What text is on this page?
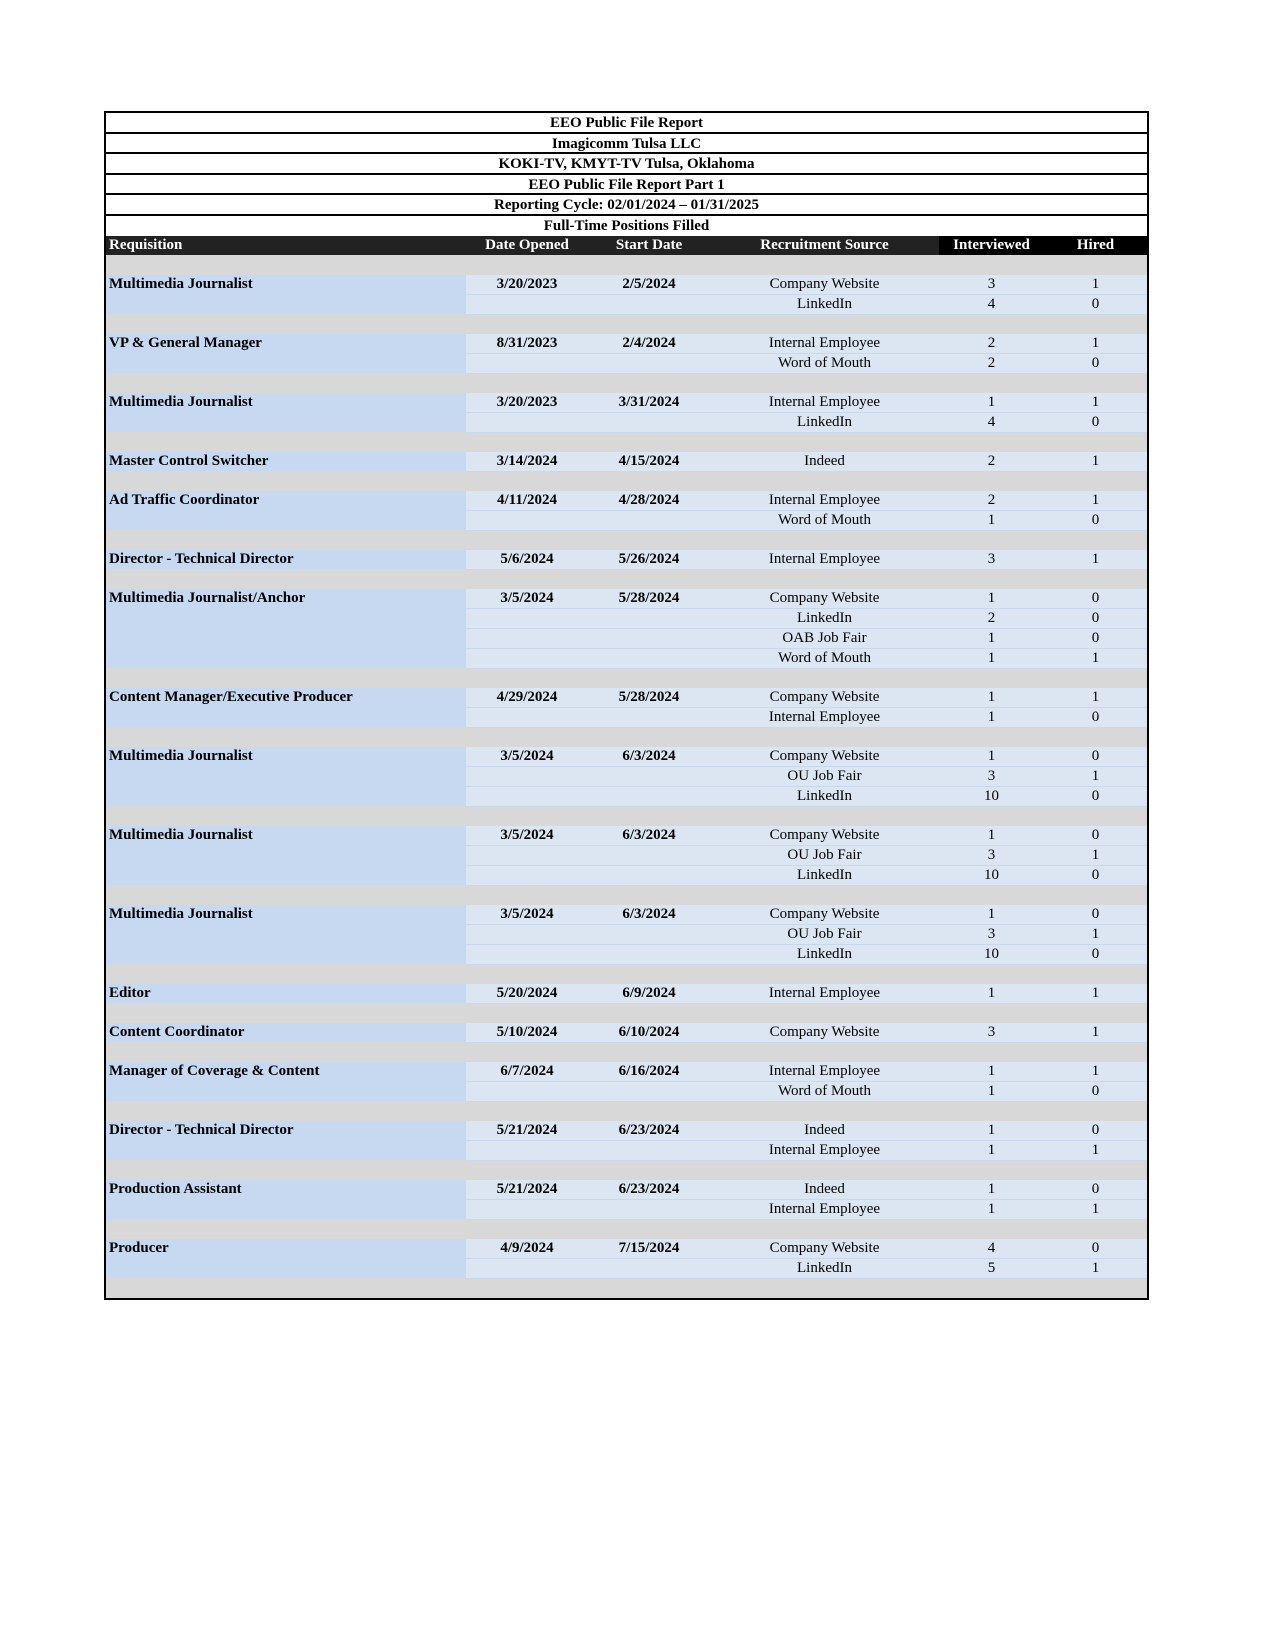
EEO Public File Report
Imagicomm Tulsa LLC
KOKI-TV, KMYT-TV Tulsa, Oklahoma
EEO Public File Report Part 1
Reporting Cycle: 02/01/2024 – 01/31/2025
Full-Time Positions Filled
Requisition	Date Opened	Start Date	Recruitment Source	Interviewed	Hired

Multimedia Journalist	3/20/2023	2/5/2024	Company Website	3	1
			LinkedIn	4	0

VP & General Manager	8/31/2023	2/4/2024	Internal Employee	2	1
			Word of Mouth	2	0

Multimedia Journalist	3/20/2023	3/31/2024	Internal Employee	1	1
			LinkedIn	4	0

Master Control Switcher	3/14/2024	4/15/2024	Indeed	2	1

Ad Traffic Coordinator	4/11/2024	4/28/2024	Internal Employee	2	1
			Word of Mouth	1	0

Director - Technical Director	5/6/2024	5/26/2024	Internal Employee	3	1

Multimedia Journalist/Anchor	3/5/2024	5/28/2024	Company Website	1	0
			LinkedIn	2	0
			OAB Job Fair	1	0
			Word of Mouth	1	1

Content Manager/Executive Producer	4/29/2024	5/28/2024	Company Website	1	1
			Internal Employee	1	0

Multimedia Journalist	3/5/2024	6/3/2024	Company Website	1	0
			OU Job Fair	3	1
			LinkedIn	10	0

Multimedia Journalist	3/5/2024	6/3/2024	Company Website	1	0
			OU Job Fair	3	1
			LinkedIn	10	0

Multimedia Journalist	3/5/2024	6/3/2024	Company Website	1	0
			OU Job Fair	3	1
			LinkedIn	10	0

Editor	5/20/2024	6/9/2024	Internal Employee	1	1

Content Coordinator	5/10/2024	6/10/2024	Company Website	3	1

Manager of Coverage & Content	6/7/2024	6/16/2024	Internal Employee	1	1
			Word of Mouth	1	0

Director - Technical Director	5/21/2024	6/23/2024	Indeed	1	0
			Internal Employee	1	1

Production Assistant	5/21/2024	6/23/2024	Indeed	1	0
			Internal Employee	1	1

Producer	4/9/2024	7/15/2024	Company Website	4	0
			LinkedIn	5	1
